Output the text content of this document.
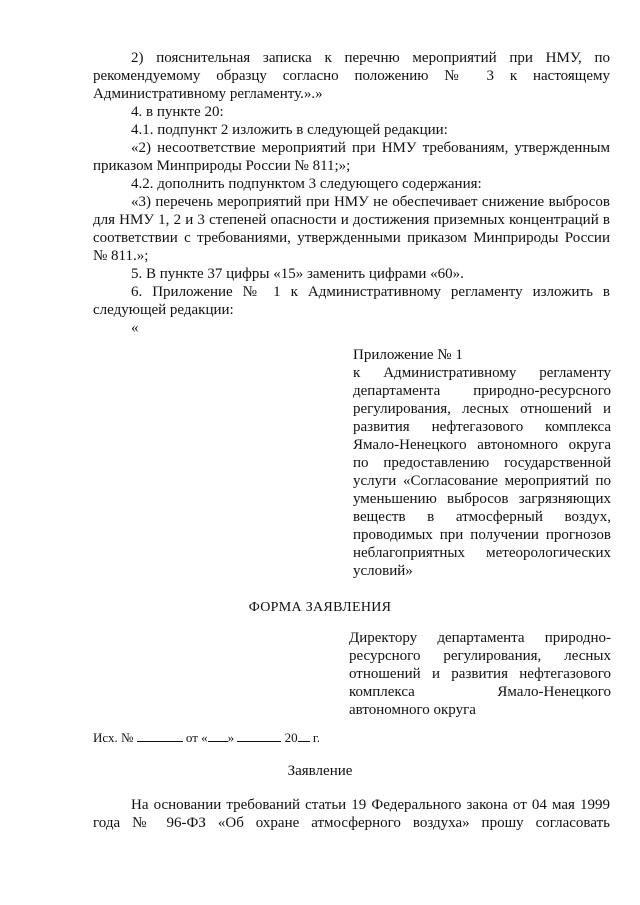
2) пояснительная записка к перечню мероприятий при НМУ, по
рекомендуемому образцу согласно положению № 3 к настоящему
Административному регламенту.».»
4. в пункте 20:
4.1. подпункт 2 изложить в следующей редакции:
«2) несоответствие мероприятий при НМУ требованиям, утвержденным
приказом Минприроды России № 811;»;
4.2. дополнить подпунктом 3 следующего содержания:
«3) перечень мероприятий при НМУ не обеспечивает снижение выбросов
для НМУ 1, 2 и 3 степеней опасности и достижения приземных концентраций в
соответствии с требованиями, утвержденными приказом Минприроды России
№ 811.»;
5. В пункте 37 цифры «15» заменить цифрами «60».
6. Приложение № 1 к Административному регламенту изложить в
следующей редакции:
«
Приложение № 1
к Административному регламенту
департамента природно-ресурсного
регулирования, лесных отношений и
развития нефтегазового комплекса
Ямало-Ненецкого автономного округа
по предоставлению государственной
услуги «Согласование мероприятий по
уменьшению выбросов загрязняющих
веществ в атмосферный воздух,
проводимых при получении прогнозов
неблагоприятных метеорологических
условий»
ФОРМА ЗАЯВЛЕНИЯ
Директору департамента природно-
ресурсного регулирования, лесных
отношений и развития нефтегазового
комплекса Ямало-Ненецкого
автономного округа
Исх. №	от « »	20 г.
Заявление
На основании требований статьи 19 Федерального закона от 04 мая 1999
года № 96-ФЗ «Об охране атмосферного воздуха» прошу согласовать
